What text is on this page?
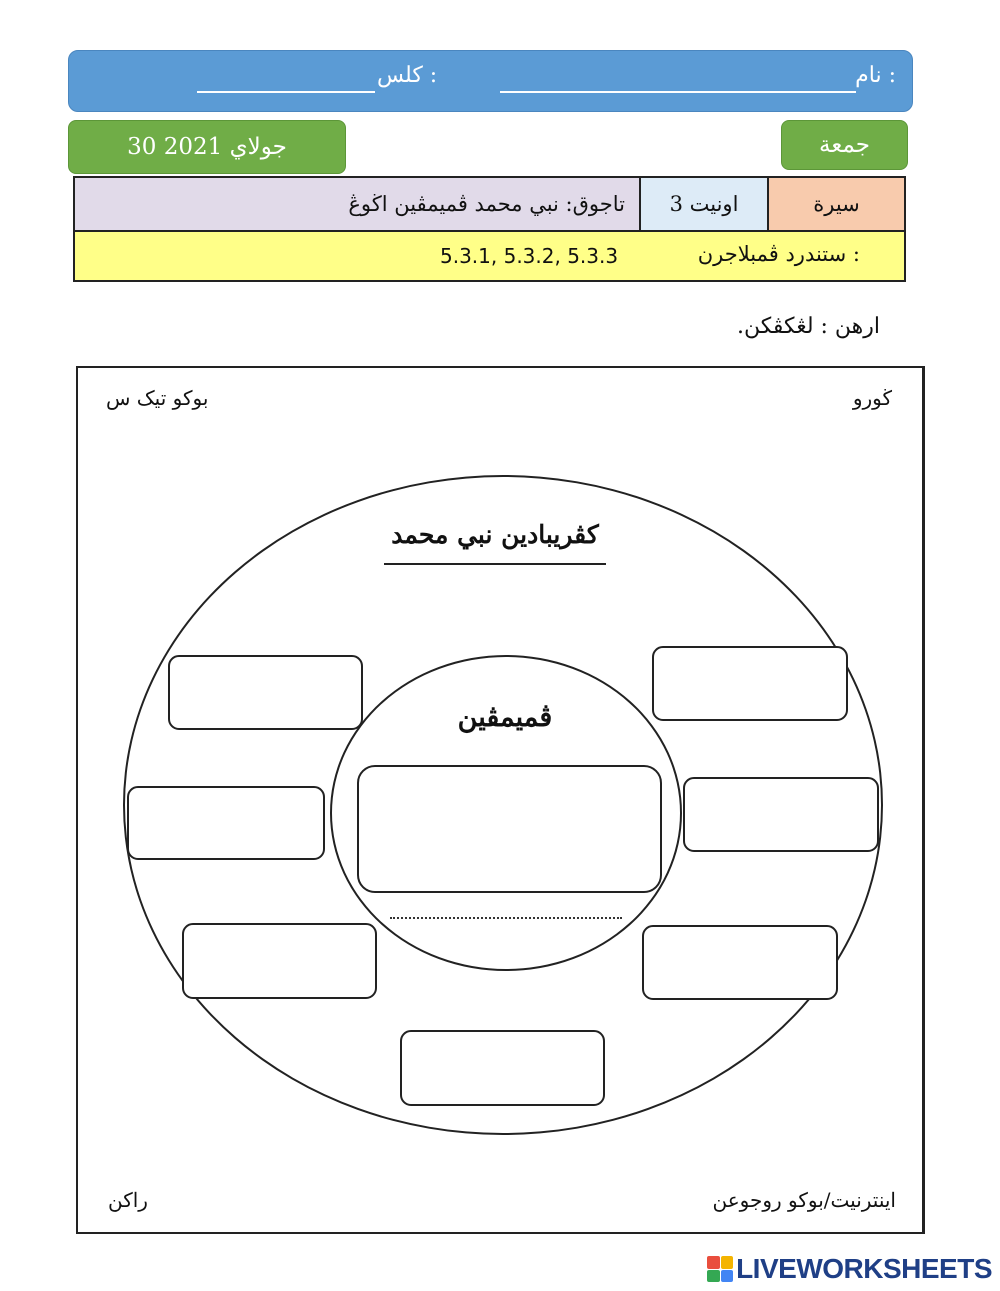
نام :
كلس :
30 جولاي 2021	جمعة
سيرة
اونيت 3
تاجوق: نبي محمد ڤميمڤين اڬوڠ
ستندرد ڤمبلاجرن :
5.3.1, 5.3.2, 5.3.3
ارهن : لڠكڤكن.
ڬورو
بوكو تيک س
اينترنيت/بوكو روجوعن
راكن
كڤريبادين نبي محمد
ڤميمڤين
LIVEWORKSHEETS
